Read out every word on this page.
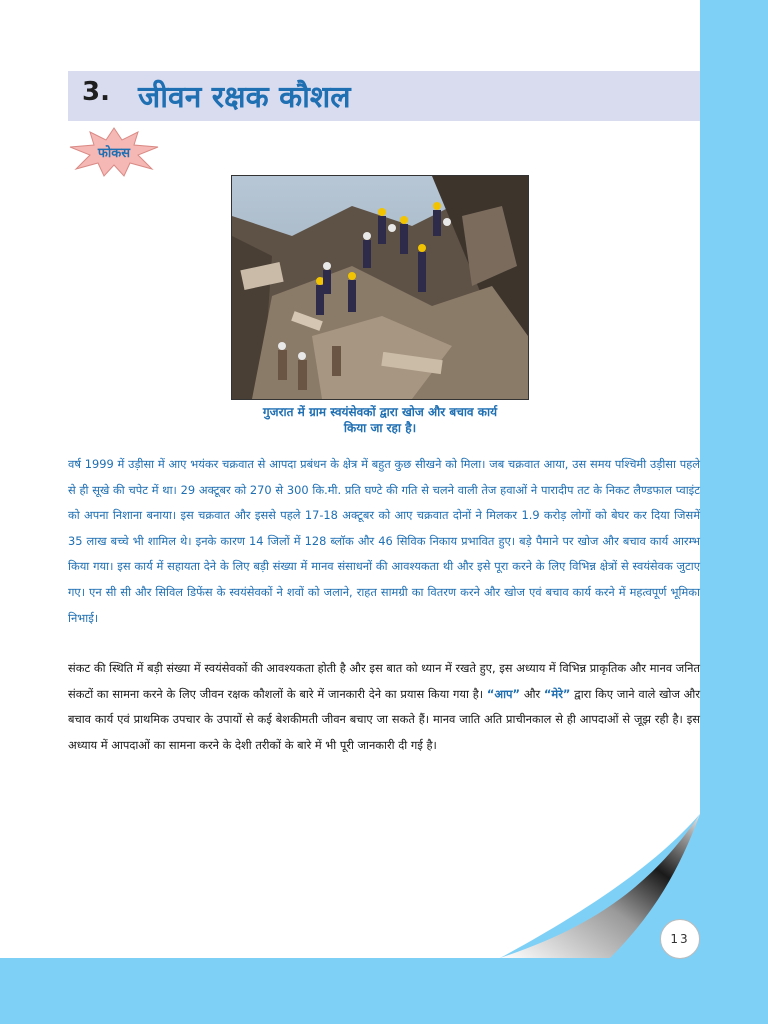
3. जीवन रक्षक कौशल
फोकस
गुजरात में ग्राम स्वयंसेवकों द्वारा खोज और बचाव कार्य
किया जा रहा है।
वर्ष 1999 में उड़ीसा में आए भयंकर चक्रवात से आपदा प्रबंधन के क्षेत्र में बहुत कुछ सीखने को मिला। जब चक्रवात आया, उस समय पश्चिमी उड़ीसा पहले से ही सूखे की चपेट में था। 29 अक्टूबर को 270 से 300 कि.मी. प्रति घण्टे की गति से चलने वाली तेज हवाओं ने पारादीप तट के निकट लैण्डफाल प्वाइंट को अपना निशाना बनाया। इस चक्रवात और इससे पहले 17-18 अक्टूबर को आए चक्रवात दोनों ने मिलकर 1.9 करोड़ लोगों को बेघर कर दिया जिसमें 35 लाख बच्चे भी शामिल थे। इनके कारण 14 जिलों में 128 ब्लॉक और 46 सिविक निकाय प्रभावित हुए। बड़े पैमाने पर खोज और बचाव कार्य आरम्भ किया गया। इस कार्य में सहायता देने के लिए बड़ी संख्या में मानव संसाधनों की आवश्यकता थी और इसे पूरा करने के लिए विभिन्न क्षेत्रों से स्वयंसेवक जुटाए गए। एन सी सी और सिविल डिफेंस के स्वयंसेवकों ने शवों को जलाने, राहत सामग्री का वितरण करने और खोज एवं बचाव कार्य करने में महत्वपूर्ण भूमिका निभाई।
संकट की स्थिति में बड़ी संख्या में स्वयंसेवकों की आवश्यकता होती है और इस बात को ध्यान में रखते हुए, इस अध्याय में विभिन्न प्राकृतिक और मानव जनित संकटों का सामना करने के लिए जीवन रक्षक कौशलों के बारे में जानकारी देने का प्रयास किया गया है। “आप” और “मेरे” द्वारा किए जाने वाले खोज और बचाव कार्य एवं प्राथमिक उपचार के उपायों से कई बेशकीमती जीवन बचाए जा सकते हैं। मानव जाति अति प्राचीनकाल से ही आपदाओं से जूझ रही है। इस अध्याय में आपदाओं का सामना करने के देशी तरीकों के बारे में भी पूरी जानकारी दी गई है।
13
